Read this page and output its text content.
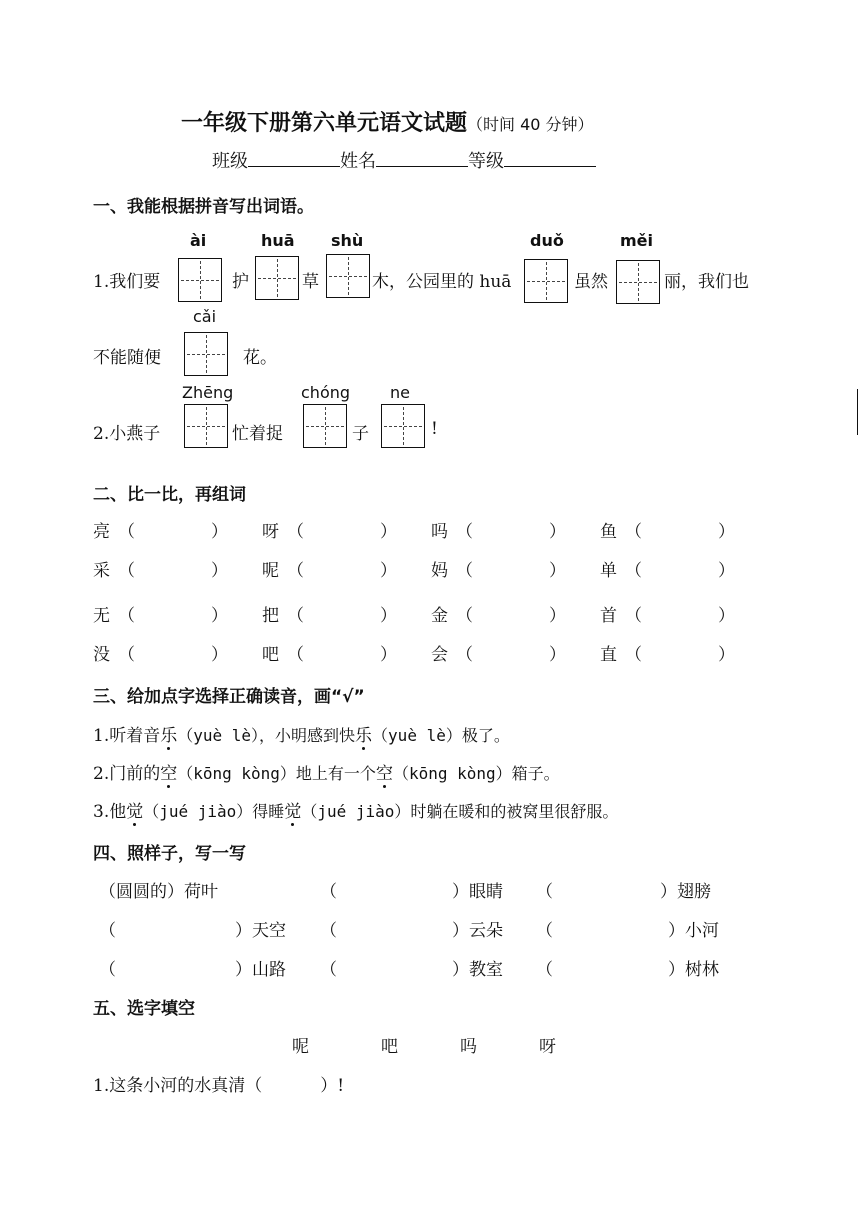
一年级下册第六单元语文试题（时间 40 分钟）
班级	姓名	等级
一、我能根据拼音写出词语。
ài	huā shù	duǒ	měi
1.我们要	护	草	木，公园里的 huā	虽然	丽，我们也
cǎi
不能随便	花。
Zhēng	chóng ne
2.小燕子	忙着捉	子	!
二、比一比，再组词
亮 （	） 呀 （	） 吗 （	） 鱼 （	）
采 （	） 呢 （	） 妈 （	） 单 （	）
无 （	） 把 （	） 金 （	） 首 （	）
没 （	） 吧 （	） 会 （	） 直 （	）
三、给加点字选择正确读音，画“√”
1.听着音乐（yuè lè），小明感到快乐（yuè lè）极了。
2.门前的空（kōng kòng）地上有一个空（kōng kòng）箱子。
3.他觉（jué jiào）得睡觉（jué jiào）时躺在暖和的被窝里很舒服。
四、照样子，写一写
（圆圆的）荷叶	（	）眼睛 （	）翅膀
（	）天空 （	）云朵 （	）小河
（	）山路 （	）教室 （	）树林
五、选字填空
呢	吧	吗	呀
1.这条小河的水真清（	）!
